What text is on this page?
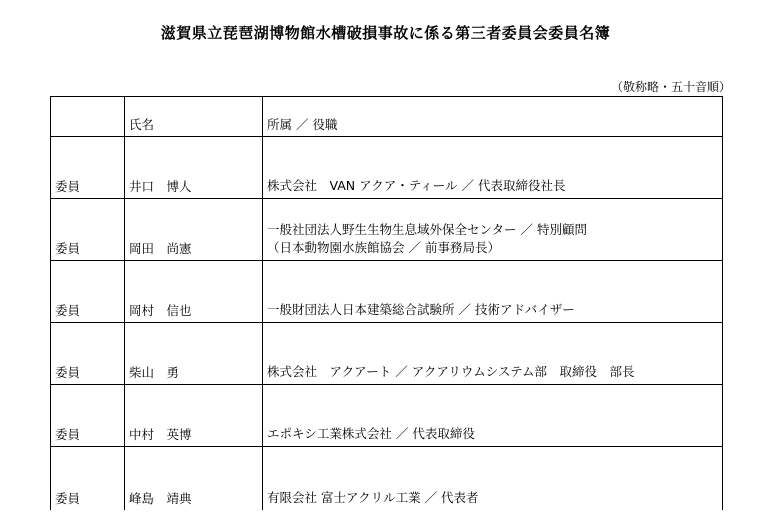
滋賀県立琵琶湖博物館水槽破損事故に係る第三者委員会委員名簿
（敬称略・五十音順）
	氏名	所属 ／ 役職
委員	井口　博人	株式会社　VAN アクア・ティール ／ 代表取締役社長

委員	岡田　尚憲	一般社団法人野生生物生息域外保全センター ／ 特別顧問
（日本動物園水族館協会 ／ 前事務局長）

委員	岡村　信也	一般財団法人日本建築総合試験所 ／ 技術アドバイザー

委員	柴山　勇	株式会社　アクアート ／ アクアリウムシステム部　取締役　部長

委員	中村　英博	エポキシ工業株式会社 ／ 代表取締役

委員	峰島　靖典	有限会社 富士アクリル工業 ／ 代表者
